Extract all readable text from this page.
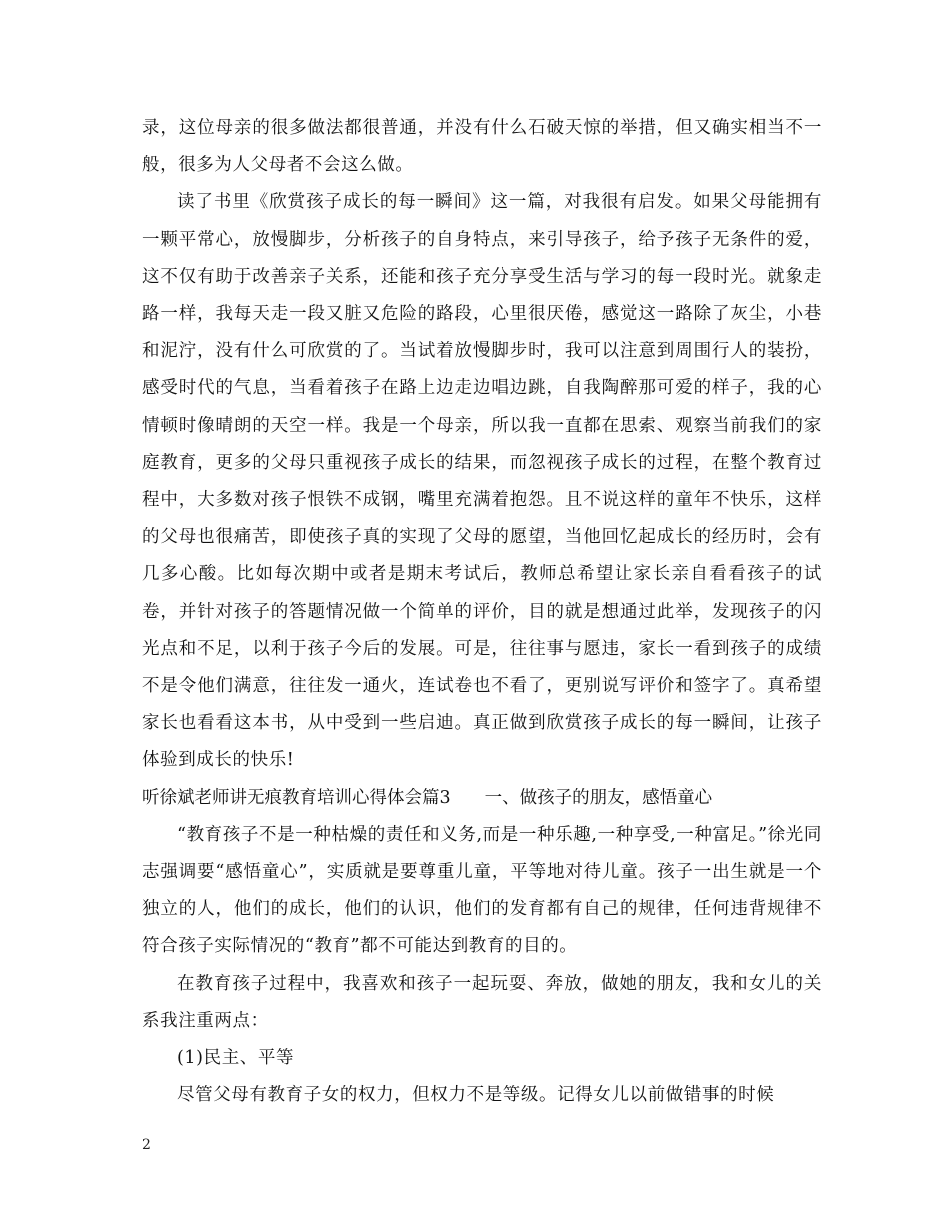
录，这位母亲的很多做法都很普通，并没有什么石破天惊的举措，但又确实相当不一般，很多为人父母者不会这么做。

读了书里《欣赏孩子成长的每一瞬间》这一篇，对我很有启发。如果父母能拥有一颗平常心，放慢脚步，分析孩子的自身特点，来引导孩子，给予孩子无条件的爱，这不仅有助于改善亲子关系，还能和孩子充分享受生活与学习的每一段时光。就象走路一样，我每天走一段又脏又危险的路段，心里很厌倦，感觉这一路除了灰尘，小巷和泥泞，没有什么可欣赏的了。当试着放慢脚步时，我可以注意到周围行人的装扮，感受时代的气息，当看着孩子在路上边走边唱边跳，自我陶醉那可爱的样子，我的心情顿时像晴朗的天空一样。我是一个母亲，所以我一直都在思索、观察当前我们的家庭教育，更多的父母只重视孩子成长的结果，而忽视孩子成长的过程，在整个教育过程中，大多数对孩子恨铁不成钢，嘴里充满着抱怨。且不说这样的童年不快乐，这样的父母也很痛苦，即使孩子真的实现了父母的愿望，当他回忆起成长的经历时，会有几多心酸。比如每次期中或者是期末考试后，教师总希望让家长亲自看看孩子的试卷，并针对孩子的答题情况做一个简单的评价，目的就是想通过此举，发现孩子的闪光点和不足，以利于孩子今后的发展。可是，往往事与愿违，家长一看到孩子的成绩不是令他们满意，往往发一通火，连试卷也不看了，更别说写评价和签字了。真希望家长也看看这本书，从中受到一些启迪。真正做到欣赏孩子成长的每一瞬间，让孩子体验到成长的快乐!

听徐斌老师讲无痕教育培训心得体会篇3 一、做孩子的朋友，感悟童心

“教育孩子不是一种枯燥的责任和义务,而是一种乐趣,一种享受,一种富足。”徐光同志强调要“感悟童心”，实质就是要尊重儿童，平等地对待儿童。孩子一出生就是一个独立的人，他们的成长，他们的认识，他们的发育都有自己的规律，任何违背规律不符合孩子实际情况的“教育”都不可能达到教育的目的。

在教育孩子过程中，我喜欢和孩子一起玩耍、奔放，做她的朋友，我和女儿的关系我注重两点：

(1)民主、平等

尽管父母有教育子女的权力，但权力不是等级。记得女儿以前做错事的时候

2
